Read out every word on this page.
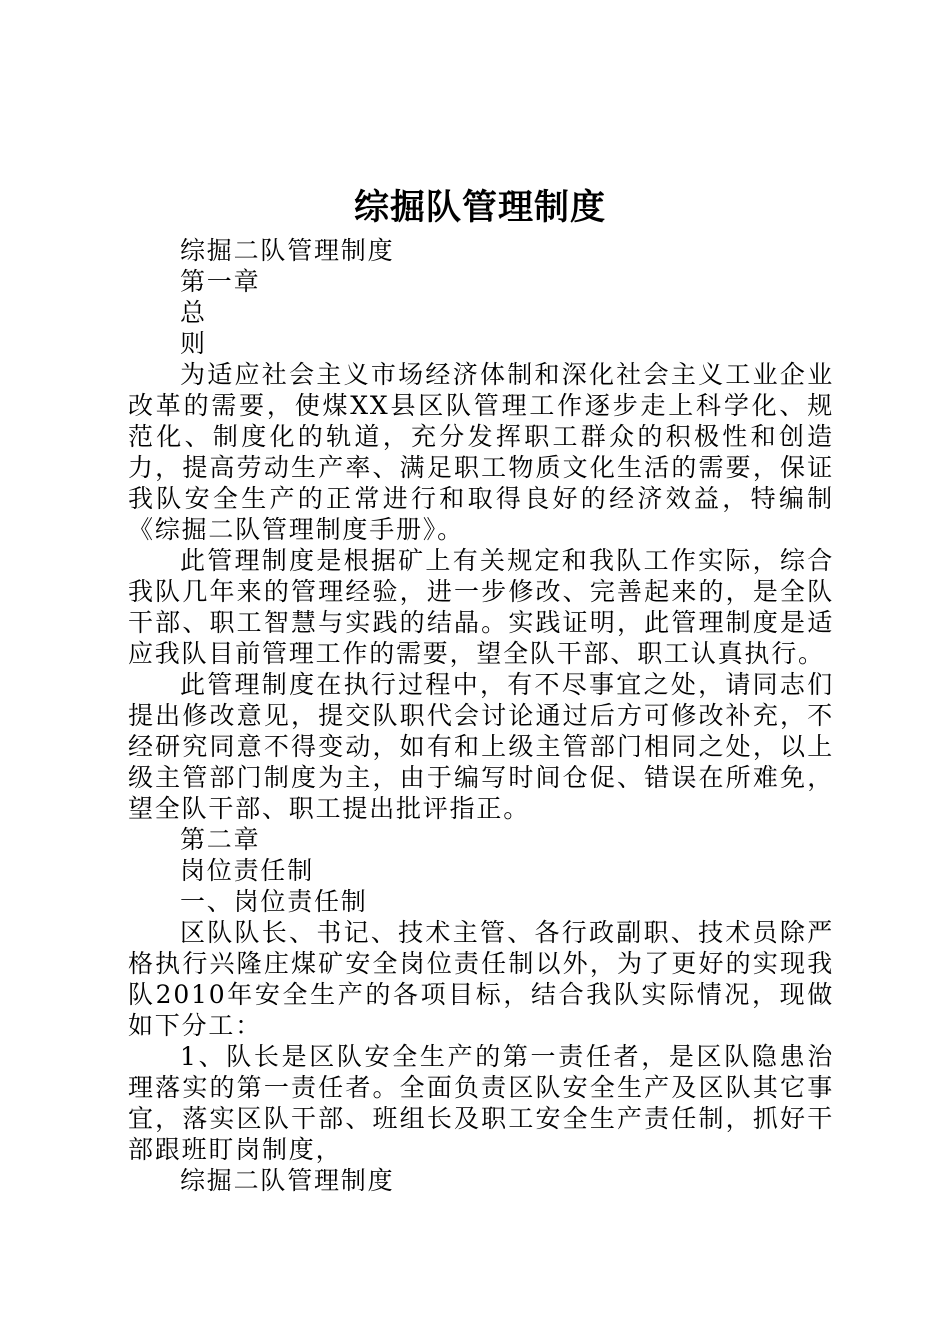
综掘队管理制度

综掘二队管理制度

第一章

总

则

为适应社会主义市场经济体制和深化社会主义工业企业改革的需要，使煤XX县区队管理工作逐步走上科学化、规范化、制度化的轨道，充分发挥职工群众的积极性和创造力，提高劳动生产率、满足职工物质文化生活的需要，保证我队安全生产的正常进行和取得良好的经济效益，特编制《综掘二队管理制度手册》。

此管理制度是根据矿上有关规定和我队工作实际，综合我队几年来的管理经验，进一步修改、完善起来的，是全队干部、职工智慧与实践的结晶。实践证明，此管理制度是适应我队目前管理工作的需要，望全队干部、职工认真执行。

此管理制度在执行过程中，有不尽事宜之处，请同志们提出修改意见，提交队职代会讨论通过后方可修改补充，不经研究同意不得变动，如有和上级主管部门相同之处，以上级主管部门制度为主，由于编写时间仓促、错误在所难免，望全队干部、职工提出批评指正。

第二章

岗位责任制

一、岗位责任制

区队队长、书记、技术主管、各行政副职、技术员除严格执行兴隆庄煤矿安全岗位责任制以外，为了更好的实现我队2010年安全生产的各项目标，结合我队实际情况，现做如下分工：

1、队长是区队安全生产的第一责任者，是区队隐患治理落实的第一责任者。全面负责区队安全生产及区队其它事宜，落实区队干部、班组长及职工安全生产责任制，抓好干部跟班盯岗制度，

综掘二队管理制度
